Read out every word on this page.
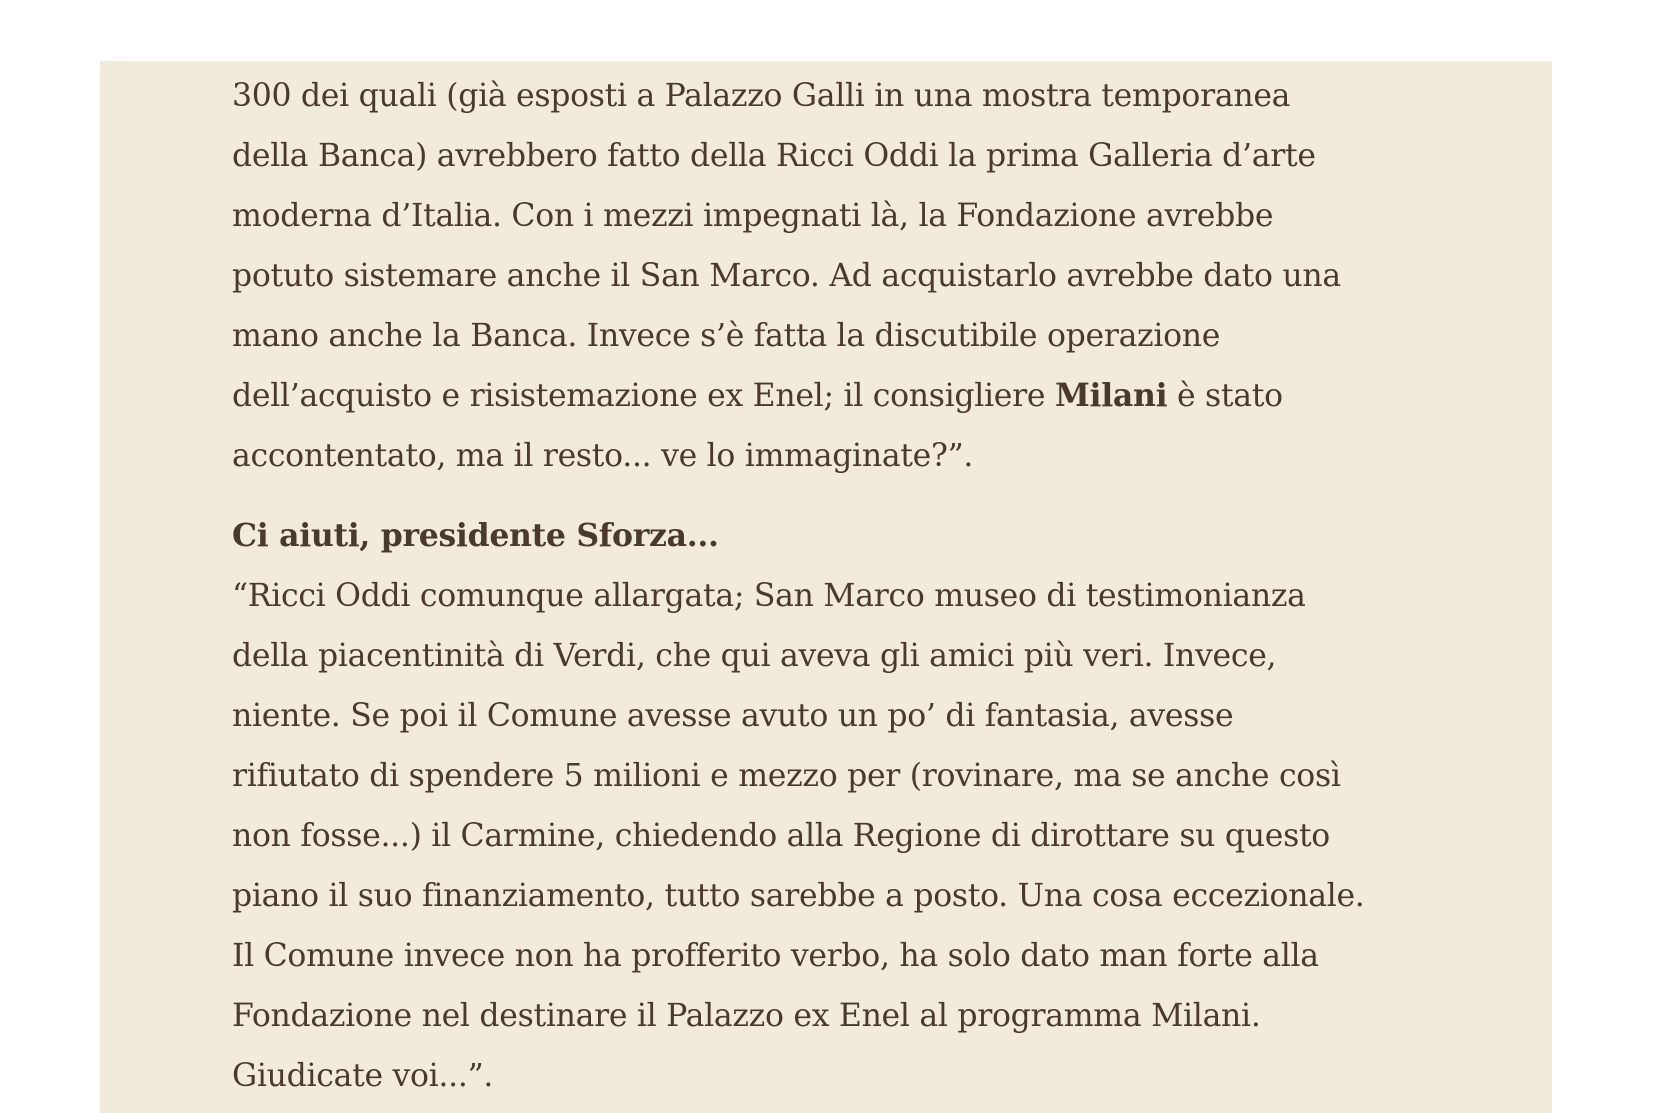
300 dei quali (già esposti a Palazzo Galli in una mostra temporanea
della Banca) avrebbero fatto della Ricci Oddi la prima Galleria d’arte
moderna d’Italia. Con i mezzi impegnati là, la Fondazione avrebbe
potuto sistemare anche il San Marco. Ad acquistarlo avrebbe dato una
mano anche la Banca. Invece s’è fatta la discutibile operazione
dell’acquisto e risistemazione ex Enel; il consigliere Milani è stato
accontentato, ma il resto... ve lo immaginate?”.

Ci aiuti, presidente Sforza...

“Ricci Oddi comunque allargata; San Marco museo di testimonianza
della piacentinità di Verdi, che qui aveva gli amici più veri. Invece,
niente. Se poi il Comune avesse avuto un po’ di fantasia, avesse
rifiutato di spendere 5 milioni e mezzo per (rovinare, ma se anche così
non fosse...) il Carmine, chiedendo alla Regione di dirottare su questo
piano il suo finanziamento, tutto sarebbe a posto. Una cosa eccezionale.
Il Comune invece non ha profferito verbo, ha solo dato man forte alla
Fondazione nel destinare il Palazzo ex Enel al programma Milani.
Giudicate voi...”.
